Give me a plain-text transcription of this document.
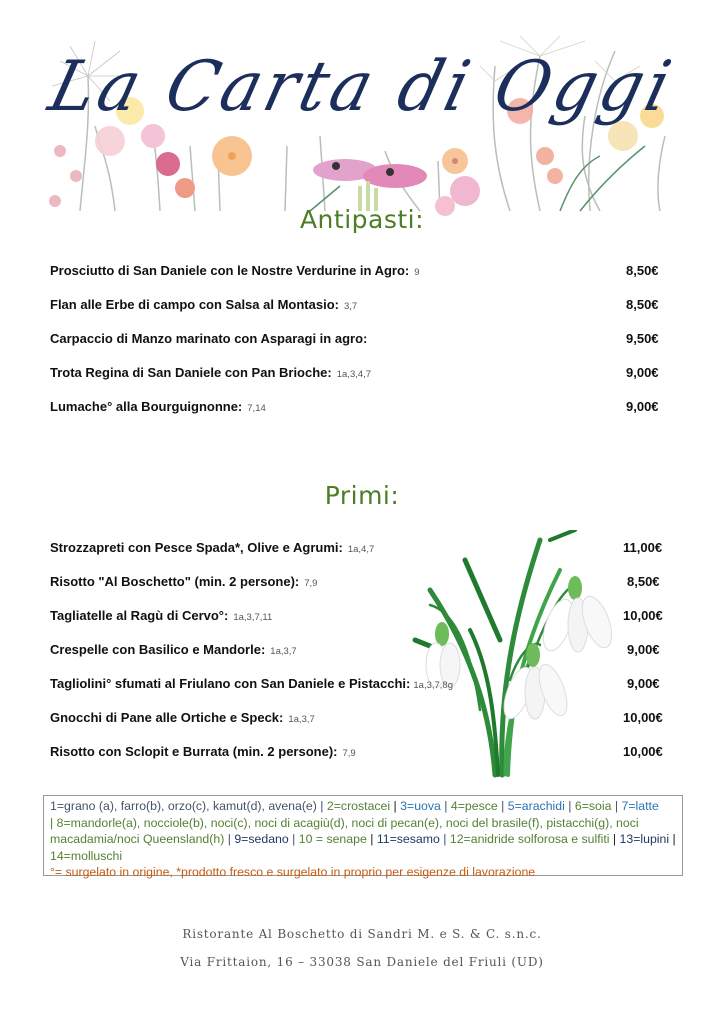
La Carta di Oggi
Antipasti:
Prosciutto di San Daniele con le Nostre Verdurine in Agro: 9	8,50€
Flan alle Erbe di campo con Salsa al Montasio: 3,7	8,50€
Carpaccio di Manzo marinato con Asparagi in agro:	9,50€
Trota Regina di San Daniele con Pan Brioche: 1a,3,4,7	9,00€
Lumache° alla Bourguignonne: 7,14	9,00€
Primi:
Strozzapreti con Pesce Spada*, Olive e Agrumi: 1a,4,7	11,00€
Risotto "Al Boschetto" (min. 2 persone): 7,9	8,50€
Tagliatelle al Ragù di Cervo°: 1a,3,7,11	10,00€
Crespelle con Basilico e Mandorle: 1a,3,7	9,00€
Tagliolini° sfumati al Friulano con San Daniele e Pistacchi: 1a,3,7,8g	9,00€
Gnocchi di Pane alle Ortiche e Speck: 1a,3,7	10,00€
Risotto con Sclopit e Burrata (min. 2 persone): 7,9	10,00€
1=grano (a), farro(b), orzo(c), kamut(d), avena(e) | 2=crostacei | 3=uova | 4=pesce | 5=arachidi | 6=soia | 7=latte
| 8=mandorle(a), nocciole(b), noci(c), noci di acagiù(d), noci di pecan(e), noci del brasile(f), pistacchi(g), noci macadamia/noci Queensland(h) | 9=sedano | 10 = senape | 11=sesamo | 12=anidride solforosa e sulfiti | 13=lupini | 14=molluschi
°= surgelato in origine, *prodotto fresco e surgelato in proprio per esigenze di lavorazione
Ristorante Al Boschetto di Sandri M. e S. & C. s.n.c.
Via Frittaion, 16 – 33038 San Daniele del Friuli (UD)
